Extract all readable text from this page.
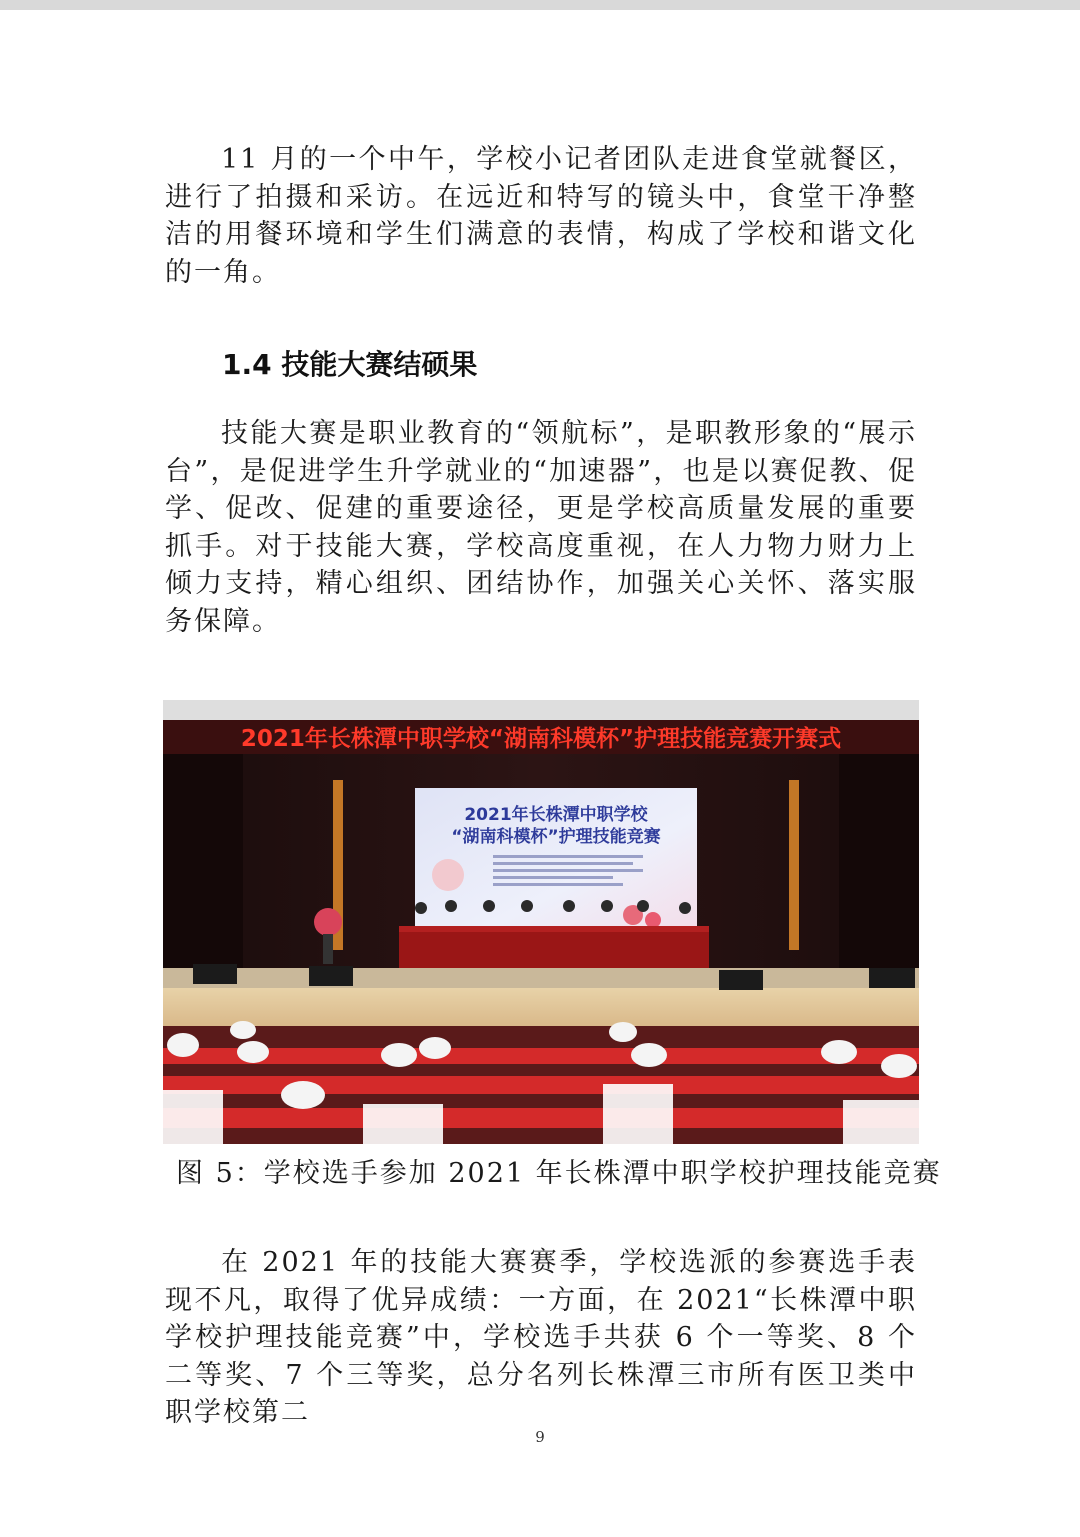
11 月的一个中午，学校小记者团队走进食堂就餐区，进行了拍摄和采访。在远近和特写的镜头中，食堂干净整洁的用餐环境和学生们满意的表情，构成了学校和谐文化的一角。

1.4 技能大赛结硕果

技能大赛是职业教育的“领航标”，是职教形象的“展示台”，是促进学生升学就业的“加速器”，也是以赛促教、促学、促改、促建的重要途径，更是学校高质量发展的重要抓手。对于技能大赛，学校高度重视，在人力物力财力上倾力支持，精心组织、团结协作，加强关心关怀、落实服务保障。

2021年长株潭中职学校“湖南科模杯”护理技能竞赛开赛式
2021年长株潭中职学校
“湖南科模杯”护理技能竞赛

图 5：学校选手参加 2021 年长株潭中职学校护理技能竞赛

在 2021 年的技能大赛赛季，学校选派的参赛选手表现不凡，取得了优异成绩：一方面，在 2021“长株潭中职学校护理技能竞赛”中，学校选手共获 6 个一等奖、8 个二等奖、7 个三等奖，总分名列长株潭三市所有医卫类中职学校第二

9
